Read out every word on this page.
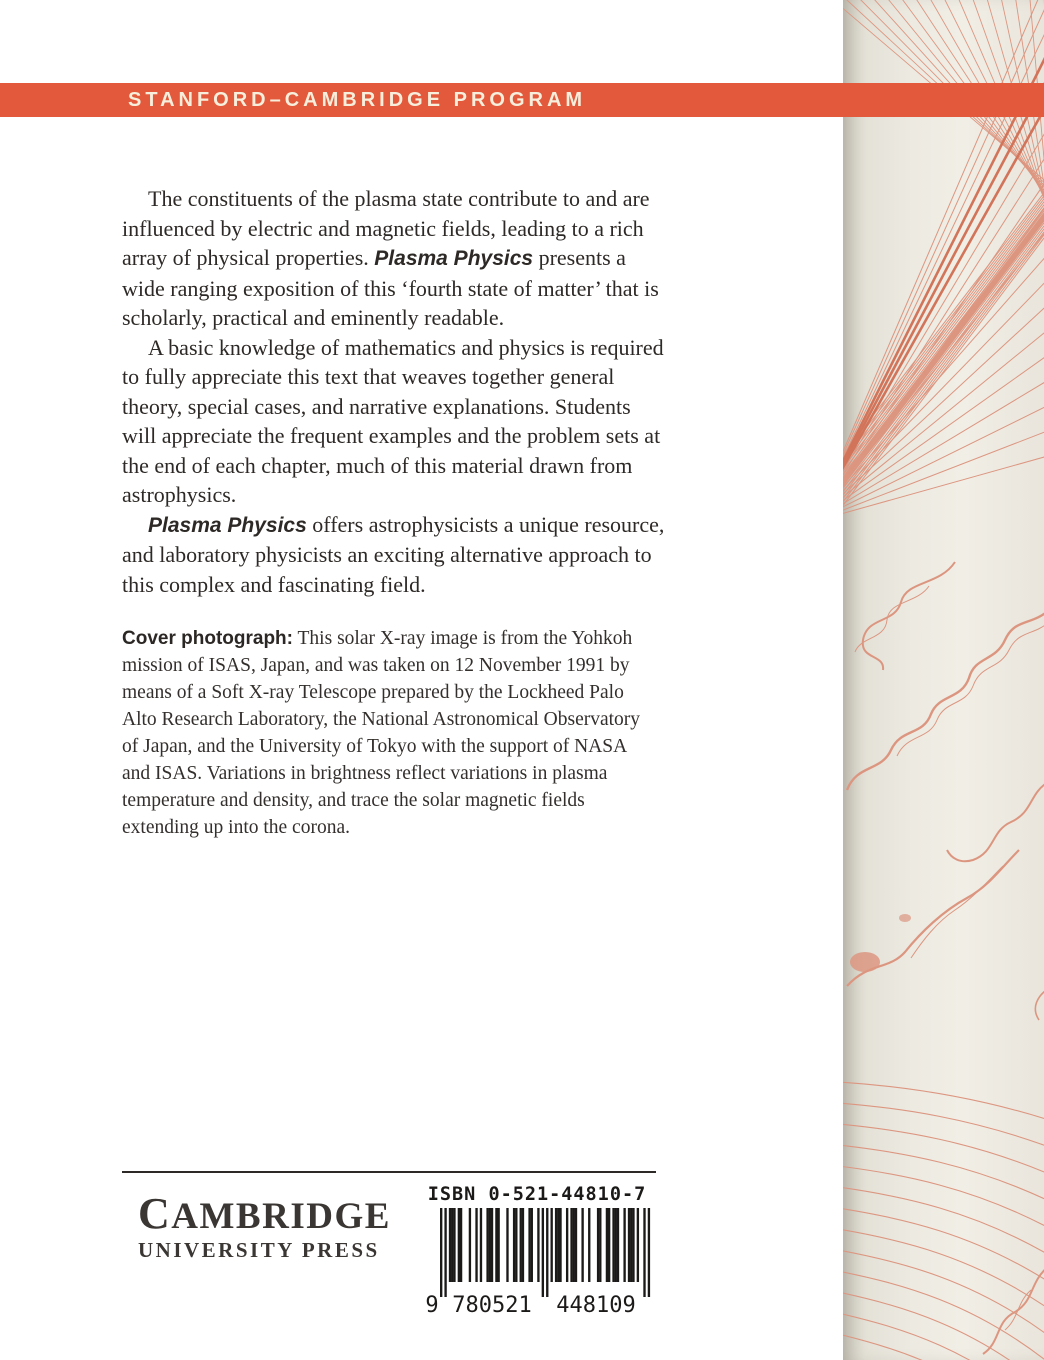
STANFORD–CAMBRIDGE PROGRAM

The constituents of the plasma state contribute to and are influenced by electric and magnetic fields, leading to a rich array of physical properties. Plasma Physics presents a wide ranging exposition of this ‘fourth state of matter’ that is scholarly, practical and eminently readable.

A basic knowledge of mathematics and physics is required to fully appreciate this text that weaves together general theory, special cases, and narrative explanations. Students will appreciate the frequent examples and the problem sets at the end of each chapter, much of this material drawn from astrophysics.

Plasma Physics offers astrophysicists a unique resource, and laboratory physicists an exciting alternative approach to this complex and fascinating field.

Cover photograph: This solar X-ray image is from the Yohkoh mission of ISAS, Japan, and was taken on 12 November 1991 by means of a Soft X-ray Telescope prepared by the Lockheed Palo Alto Research Laboratory, the National Astronomical Observatory of Japan, and the University of Tokyo with the support of NASA and ISAS. Variations in brightness reflect variations in plasma temperature and density, and trace the solar magnetic fields extending up into the corona.
CAMBRIDGE
UNIVERSITY PRESS
ISBN 0-521-44810-7
9 780521 448109
